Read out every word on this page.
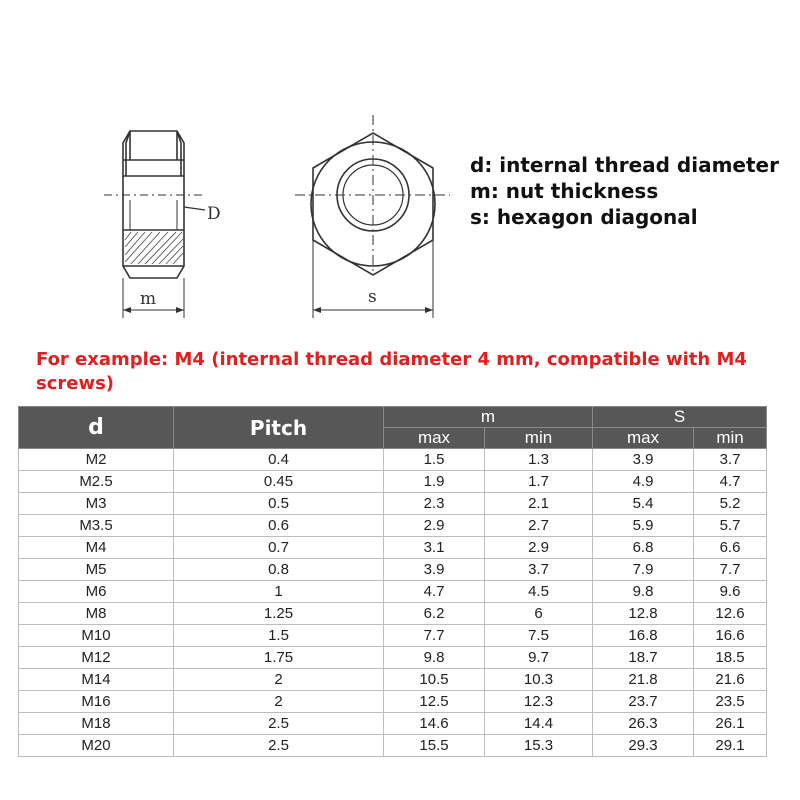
D
m	s
d: internal thread diameter
m: nut thickness
s: hexagon diagonal
For example: M4 (internal thread diameter 4 mm, compatible with M4 screws)
d	Pitch	m		S	
		max	min	max	min
M2	0.4	1.5	1.3	3.9	3.7
M2.5	0.45	1.9	1.7	4.9	4.7
M3	0.5	2.3	2.1	5.4	5.2
M3.5	0.6	2.9	2.7	5.9	5.7
M4	0.7	3.1	2.9	6.8	6.6
M5	0.8	3.9	3.7	7.9	7.7
M6	1	4.7	4.5	9.8	9.6
M8	1.25	6.2	6	12.8	12.6
M10	1.5	7.7	7.5	16.8	16.6
M12	1.75	9.8	9.7	18.7	18.5
M14	2	10.5	10.3	21.8	21.6
M16	2	12.5	12.3	23.7	23.5
M18	2.5	14.6	14.4	26.3	26.1
M20	2.5	15.5	15.3	29.3	29.1
